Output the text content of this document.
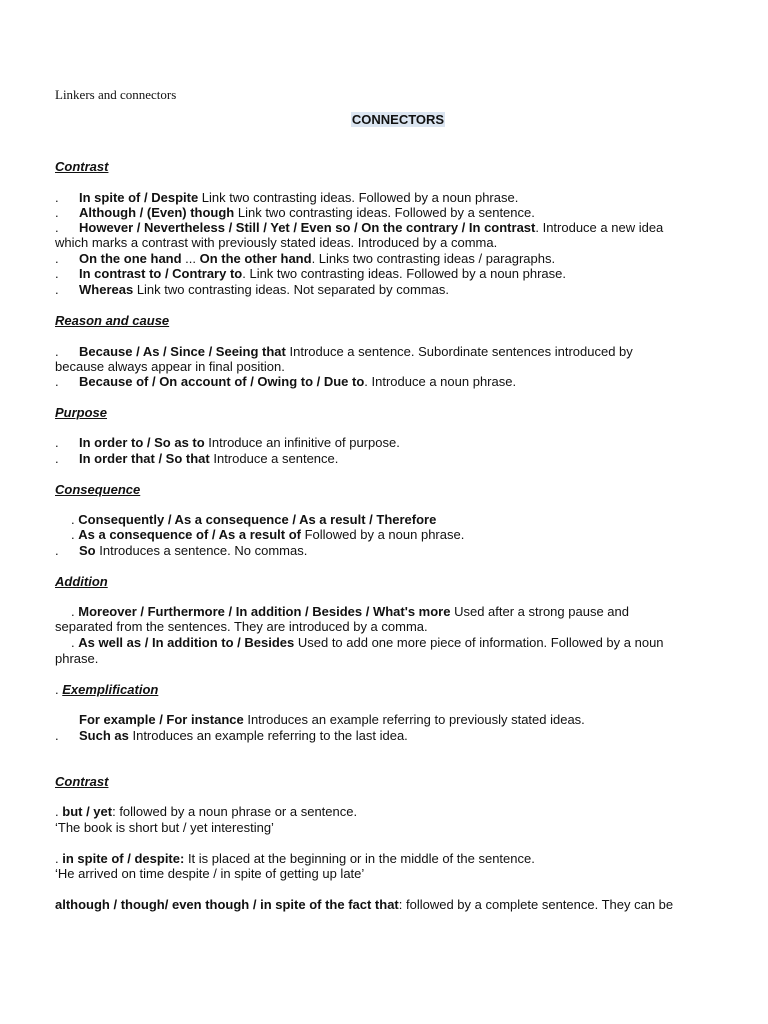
Linkers and connectors
CONNECTORS
Contrast
. In spite of / Despite Link two contrasting ideas. Followed by a noun phrase.
. Although / (Even) though Link two contrasting ideas. Followed by a sentence.
. However / Nevertheless / Still / Yet / Even so / On the contrary / In contrast. Introduce a new idea
which marks a contrast with previously stated ideas. Introduced by a comma.
. On the one hand ... On the other hand. Links two contrasting ideas / paragraphs.
. In contrast to / Contrary to. Link two contrasting ideas. Followed by a noun phrase.
. Whereas Link two contrasting ideas. Not separated by commas.
Reason and cause
. Because / As / Since / Seeing that Introduce a sentence. Subordinate sentences introduced by
because always appear in final position.
. Because of / On account of / Owing to / Due to. Introduce a noun phrase.
Purpose
. In order to / So as to Introduce an infinitive of purpose.
. In order that / So that Introduce a sentence.
Consequence
. Consequently / As a consequence / As a result / Therefore
. As a consequence of / As a result of Followed by a noun phrase.
. So Introduces a sentence. No commas.
Addition
. Moreover / Furthermore / In addition / Besides / What's more Used after a strong pause and
separated from the sentences. They are introduced by a comma.
. As well as / In addition to / Besides Used to add one more piece of information. Followed by a noun
phrase.
. Exemplification
For example / For instance Introduces an example referring to previously stated ideas.
. Such as Introduces an example referring to the last idea.
Contrast
. but / yet: followed by a noun phrase or a sentence.
‘The book is short but / yet interesting’
. in spite of / despite: It is placed at the beginning or in the middle of the sentence.
‘He arrived on time despite / in spite of getting up late’
although / though/ even though / in spite of the fact that: followed by a complete sentence. They can be
